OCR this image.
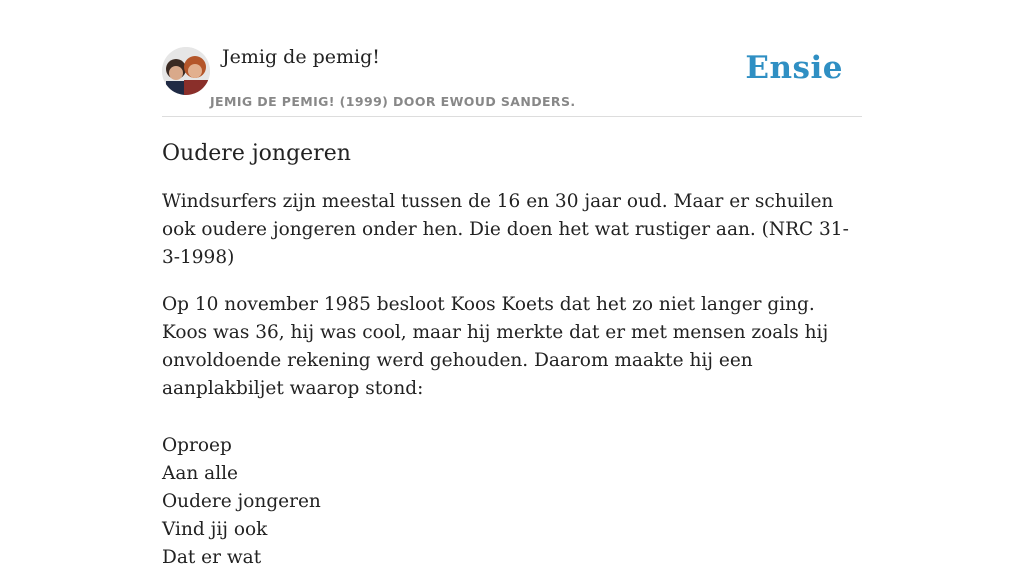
Jemig de pemig!
JEMIG DE PEMIG! (1999) DOOR EWOUD SANDERS.
Ensie
Oudere jongeren

Windsurfers zijn meestal tussen de 16 en 30 jaar oud. Maar er schuilen ook oudere jongeren onder hen. Die doen het wat rustiger aan. (NRC 31-3-1998)

Op 10 november 1985 besloot Koos Koets dat het zo niet langer ging. Koos was 36, hij was cool, maar hij merkte dat er met mensen zoals hij onvoldoende rekening werd gehouden. Daarom maakte hij een aanplakbiljet waarop stond:

Oproep
Aan alle
Oudere jongeren
Vind jij ook
Dat er wat
